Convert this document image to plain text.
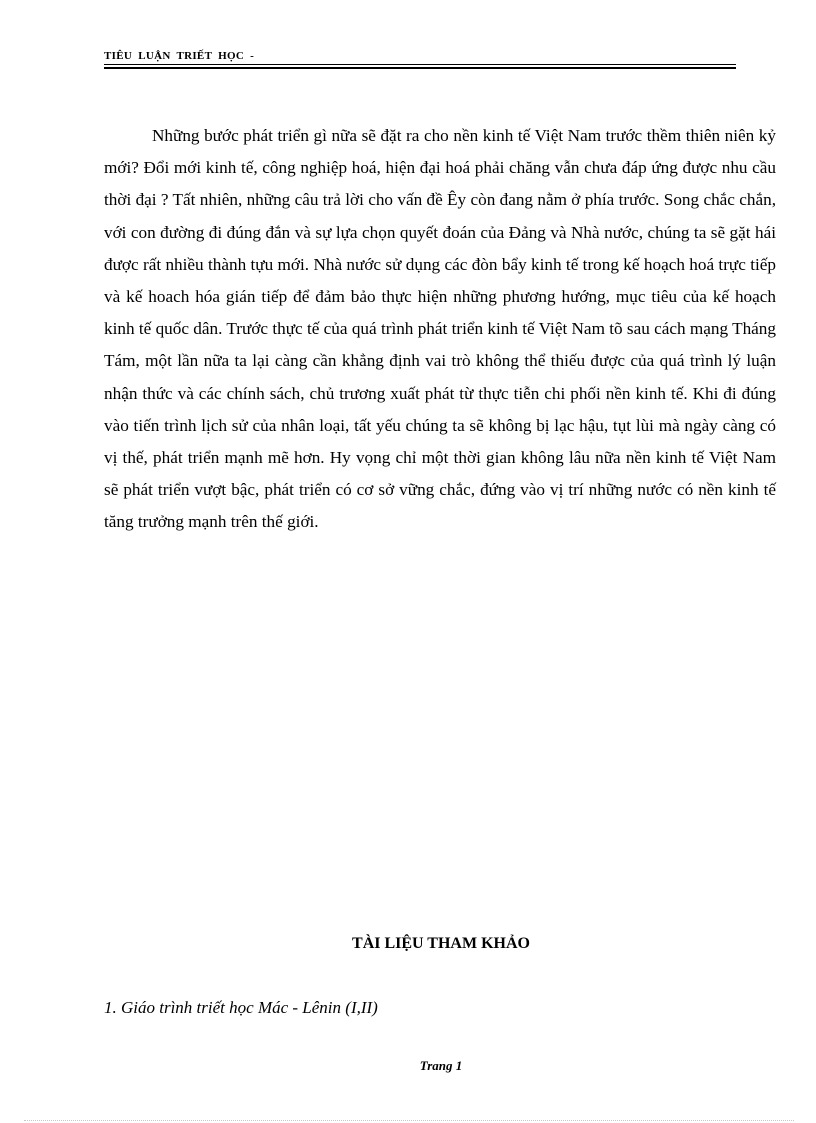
TIÊU  LUẬN  TRIẾT  HỌC  -

Những bước phát triển gì nữa sẽ đặt ra cho nền kinh tế Việt Nam trước thềm thiên niên kỷ mới? Đổi mới kinh tế, công nghiệp hoá, hiện đại hoá phải chăng vẫn chưa đáp ứng được nhu cầu thời đại ? Tất nhiên, những câu trả lời cho vấn đề Êy còn đang nằm ở phía trước. Song chắc chắn, với con đường đi đúng đắn và sự lựa chọn quyết đoán của Đảng và Nhà nước, chúng ta sẽ gặt hái được rất nhiều thành tựu mới. Nhà nước sử dụng các đòn bẩy kinh tế trong kế hoạch hoá trực tiếp và kế hoach hóa gián tiếp để đảm bảo thực hiện những phương hướng, mục tiêu của kế hoạch kinh tế quốc dân. Trước thực tế của quá trình phát triển kinh tế Việt Nam tõ sau cách mạng Tháng Tám, một lần nữa ta lại càng cần khẳng định vai trò không thể thiếu được của quá trình lý luận nhận thức và các chính sách, chủ trương xuất phát từ thực tiễn chi phối nền kinh tế. Khi đi đúng vào tiến trình lịch sử của nhân loại, tất yếu chúng ta sẽ không bị lạc hậu, tụt lùi mà ngày càng có vị thế, phát triển mạnh mẽ hơn. Hy vọng chỉ một thời gian không lâu nữa nền kinh tế Việt Nam sẽ phát triển vượt bậc, phát triển có cơ sở vững chắc, đứng vào vị trí những nước có nền kinh tế tăng trưởng mạnh trên thế giới.

TÀI LIỆU THAM KHẢO
1. Giáo trình triết học Mác - Lênin (I,II)
Trang 1
